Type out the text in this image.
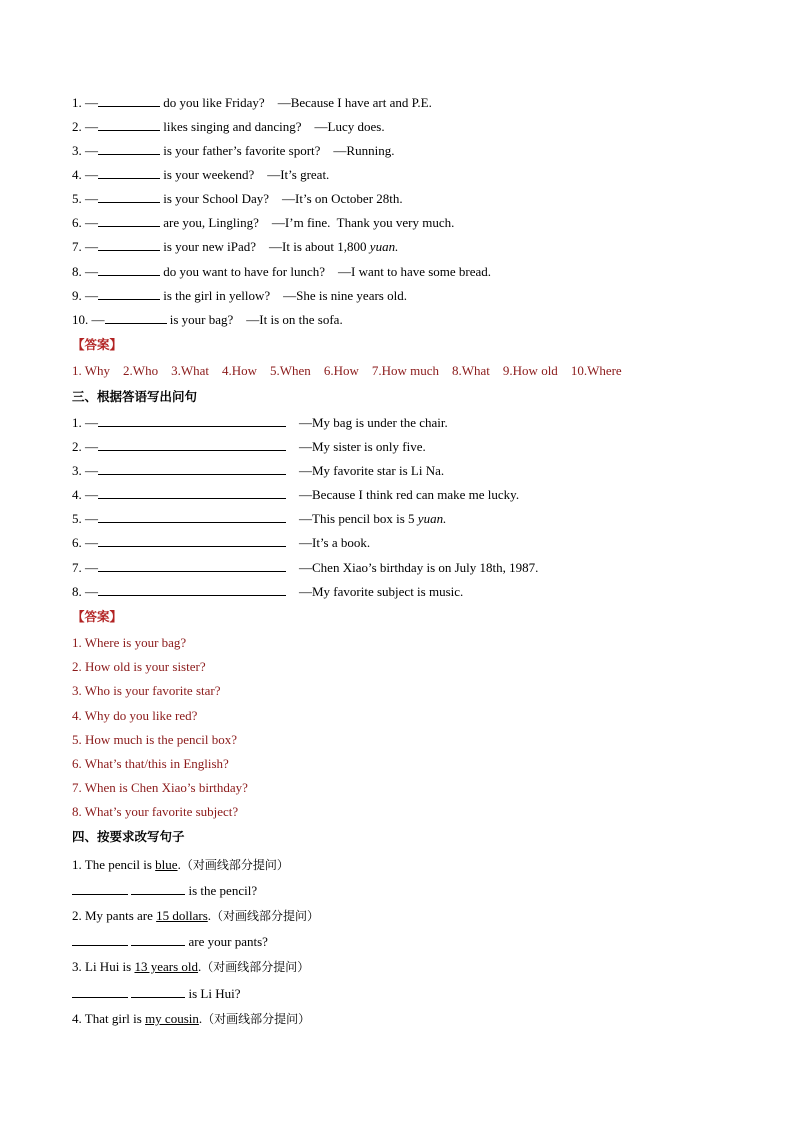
1. —	do you like Friday? —Because I have art and P.E.
2. —	likes singing and dancing? —Lucy does.
3. —	is your father’s favorite sport? —Running.
4. —	is your weekend? —It’s great.
5. —	is your School Day? —It’s on October 28th.
6. —	are you, Lingling? —I’m fine.  Thank you very much.
7. —	is your new iPad? —It is about 1,800 yuan.
8. —	do you want to have for lunch? —I want to have some bread.
9. —	is the girl in yellow? —She is nine years old.
10. —	is your bag? —It is on the sofa.
【答案】
1. Why 2.Who 3.What 4.How 5.When 6.How 7.How much 8.What 9.How old 10.Where
三、根据答语写出问句
1. —	—My bag is under the chair.
2. —	—My sister is only five.
3. —	—My favorite star is Li Na.
4. —	—Because I think red can make me lucky.
5. —	—This pencil box is 5 yuan.
6. —	—It’s a book.
7. —	—Chen Xiao’s birthday is on July 18th, 1987.
8. —	—My favorite subject is music.
【答案】
1. Where is your bag?
2. How old is your sister?
3. Who is your favorite star?
4. Why do you like red?
5. How much is the pencil box?
6. What’s that/this in English?
7. When is Chen Xiao’s birthday?
8. What’s your favorite subject?
四、按要求改写句子
1. The pencil is blue.（对画线部分提问）
is the pencil?
2. My pants are 15 dollars.（对画线部分提问）
are your pants?
3. Li Hui is 13 years old.（对画线部分提问）
is Li Hui?
4. That girl is my cousin.（对画线部分提问）
